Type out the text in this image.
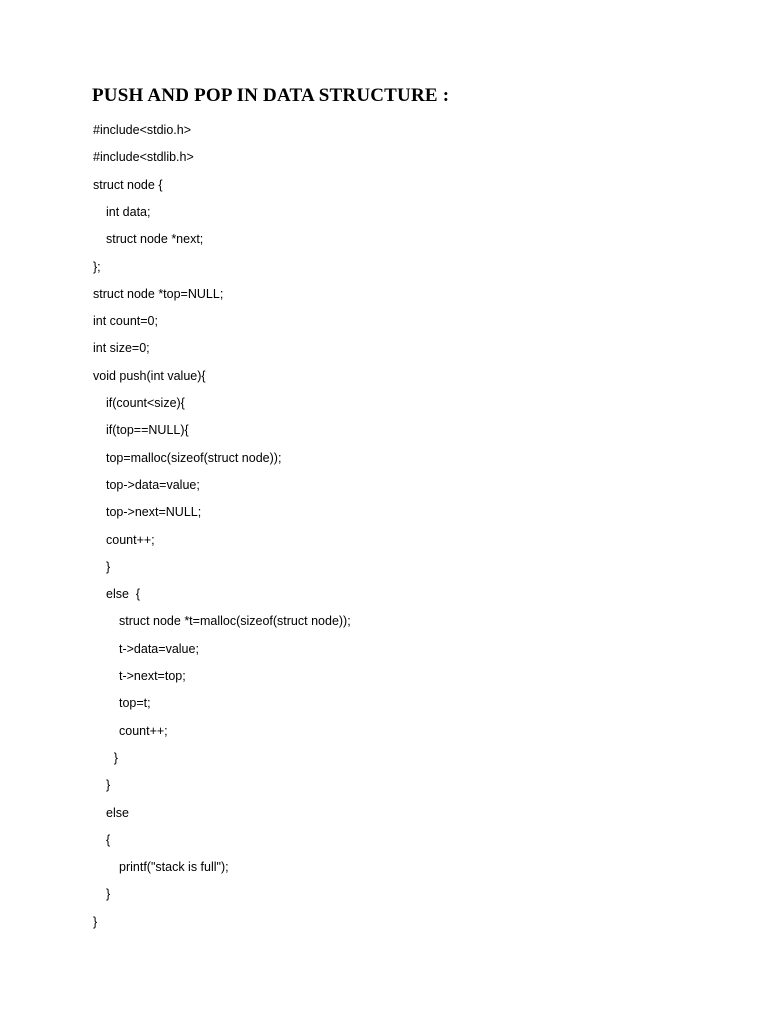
PUSH AND POP IN DATA STRUCTURE :
#include<stdio.h>
#include<stdlib.h>
struct node {
int data;
struct node *next;
};
struct node *top=NULL;
int count=0;
int size=0;
void push(int value){
if(count<size){
if(top==NULL){
top=malloc(sizeof(struct node));
top->data=value;
top->next=NULL;
count++;
}
else  {
struct node *t=malloc(sizeof(struct node));
t->data=value;
t->next=top;
top=t;
count++;
}
}
else
{
printf("stack is full");
}
}
